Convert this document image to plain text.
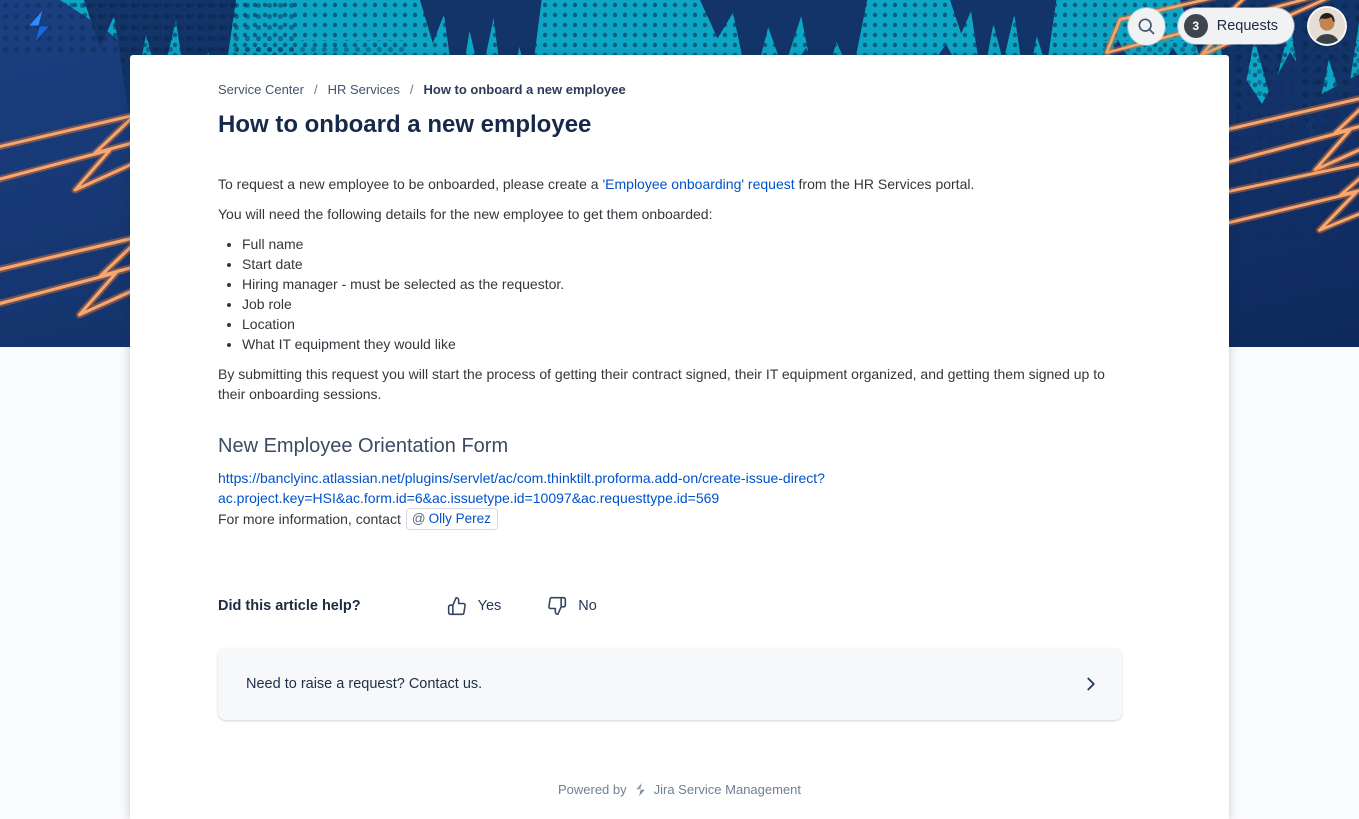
3	Requests
Service Center / HR Services / How to onboard a new employee
How to onboard a new employee

To request a new employee to be onboarded, please create a 'Employee onboarding' request from the HR Services portal.

You will need the following details for the new employee to get them onboarded:

• Full name
• Start date
• Hiring manager - must be selected as the requestor.
• Job role
• Location
• What IT equipment they would like

By submitting this request you will start the process of getting their contract signed, their IT equipment organized, and getting them signed up to their onboarding sessions.

New Employee Orientation Form
https://banclyinc.atlassian.net/plugins/servlet/ac/com.thinktilt.proforma.add-on/create-issue-direct?
ac.project.key=HSI&ac.form.id=6&ac.issuetype.id=10097&ac.requesttype.id=569

For more information, contact @ Olly Perez

Did this article help?	Yes	No
Need to raise a request? Contact us.
Powered by Jira Service Management
